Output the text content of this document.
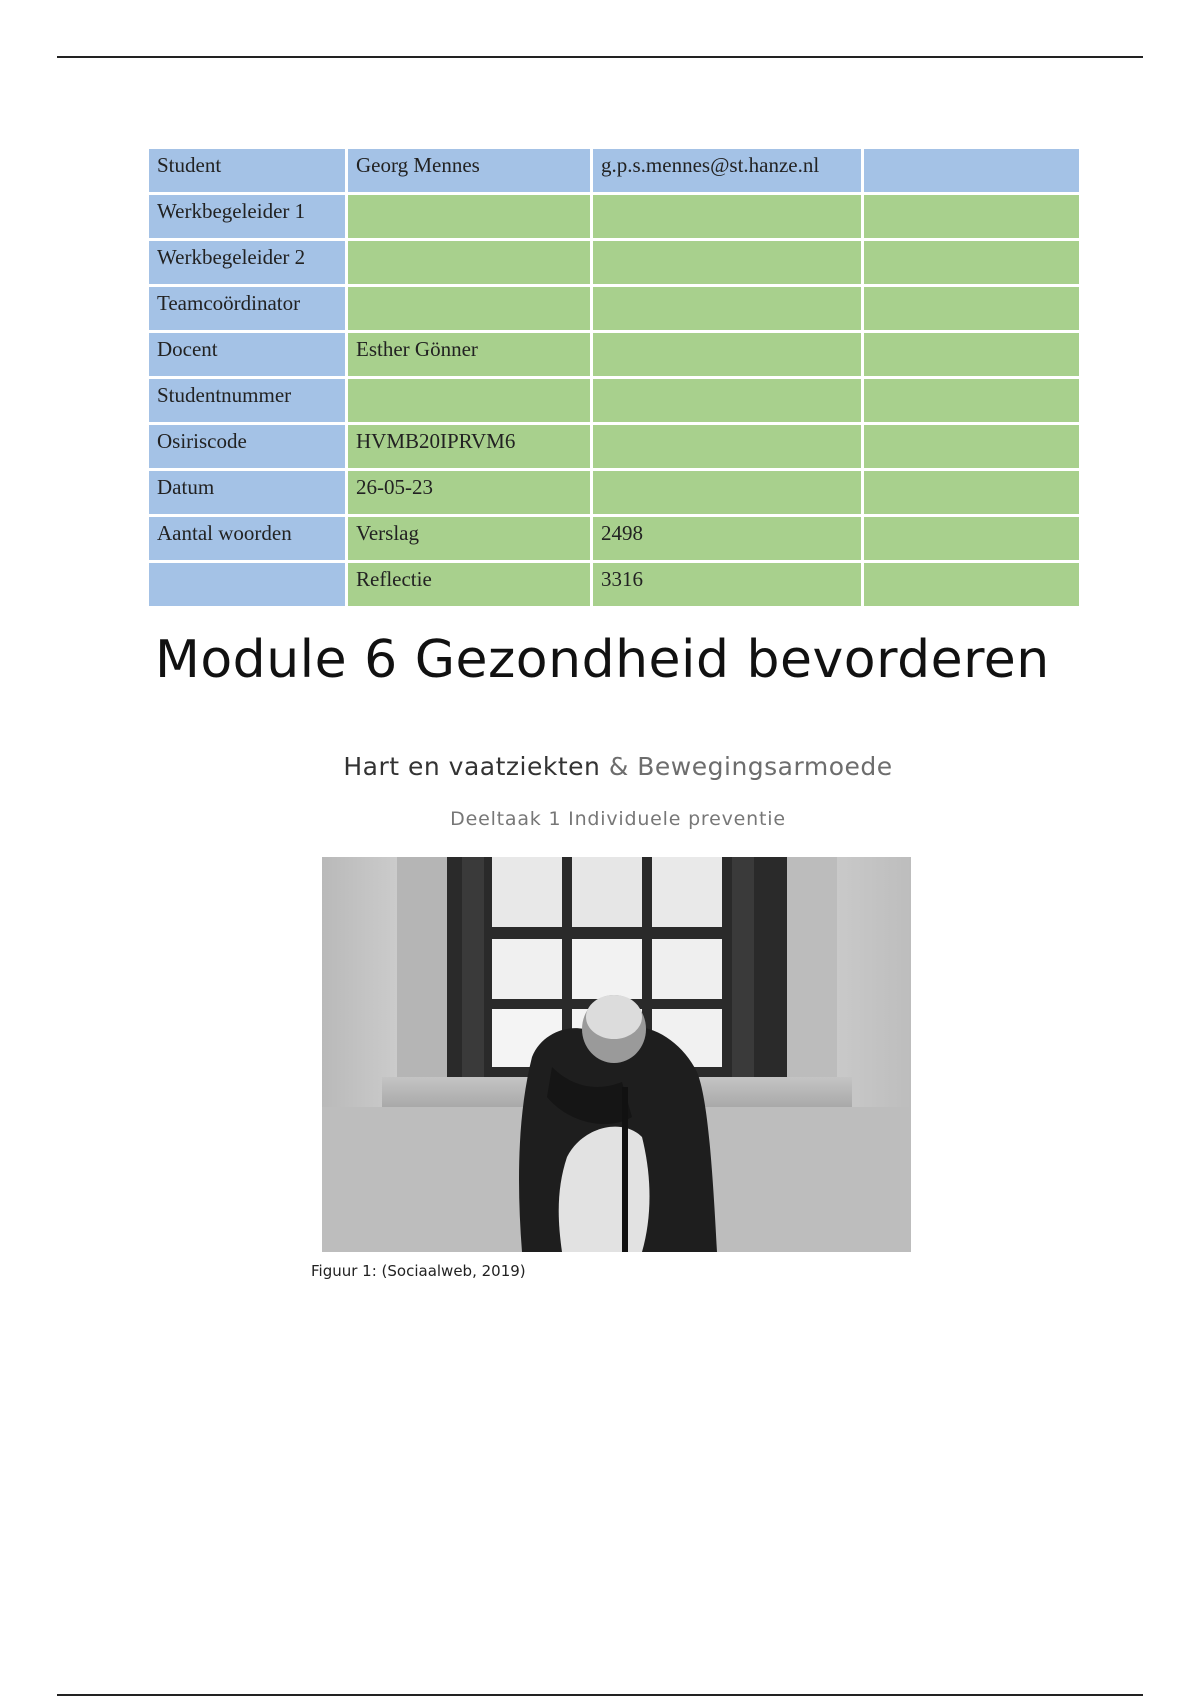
Student	Georg Mennes	g.p.s.mennes@st.hanze.nl	
Werkbegeleider 1			
Werkbegeleider 2			
Teamcoördinator			
Docent	Esther Gönner		
Studentnummer			
Osiriscode	HVMB20IPRVM6		
Datum	26-05-23		
Aantal woorden	Verslag	2498	
	Reflectie	3316	
Module 6 Gezondheid bevorderen
Hart en vaatziekten & Bewegingsarmoede
Deeltaak 1 Individuele preventie
Figuur 1: (Sociaalweb, 2019)
